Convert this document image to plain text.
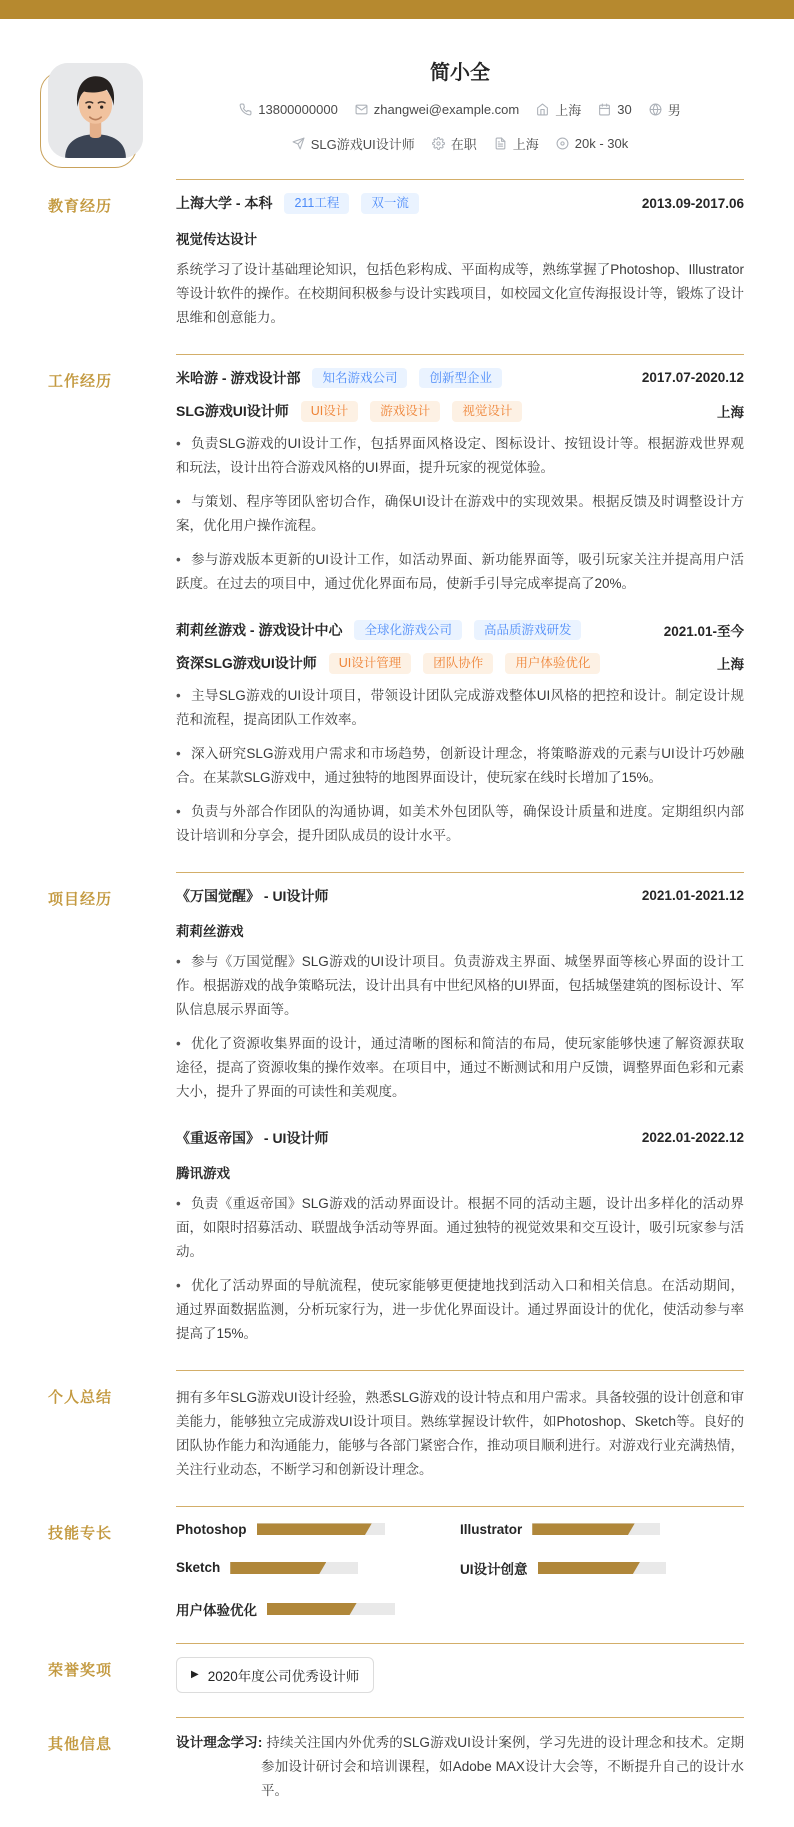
简小全
13800000000	zhangwei@example.com	上海	30	男
SLG游戏UI设计师	在职	上海	20k - 30k
教育经历	上海大学 - 本科	211工程	双一流	2013.09-2017.06
视觉传达设计

系统学习了设计基础理论知识，包括色彩构成、平面构成等，熟练掌握了Photoshop、Illustrator等设计软件的操作。在校期间积极参与设计实践项目，如校园文化宣传海报设计等，锻炼了设计思维和创意能力。

工作经历	米哈游 - 游戏设计部	知名游戏公司	创新型企业	2017.07-2020.12
SLG游戏UI设计师	UI设计	游戏设计	视觉设计	上海

• 负责SLG游戏的UI设计工作，包括界面风格设定、图标设计、按钮设计等。根据游戏世界观和玩法，设计出符合游戏风格的UI界面，提升玩家的视觉体验。

• 与策划、程序等团队密切合作，确保UI设计在游戏中的实现效果。根据反馈及时调整设计方案，优化用户操作流程。

• 参与游戏版本更新的UI设计工作，如活动界面、新功能界面等，吸引玩家关注并提高用户活跃度。在过去的项目中，通过优化界面布局，使新手引导完成率提高了20%。

莉莉丝游戏 - 游戏设计中心	全球化游戏公司	高品质游戏研发	2021.01-至今
资深SLG游戏UI设计师	UI设计管理	团队协作	用户体验优化	上海

• 主导SLG游戏的UI设计项目，带领设计团队完成游戏整体UI风格的把控和设计。制定设计规范和流程，提高团队工作效率。

• 深入研究SLG游戏用户需求和市场趋势，创新设计理念，将策略游戏的元素与UI设计巧妙融合。在某款SLG游戏中，通过独特的地图界面设计，使玩家在线时长增加了15%。

• 负责与外部合作团队的沟通协调，如美术外包团队等，确保设计质量和进度。定期组织内部设计培训和分享会，提升团队成员的设计水平。

项目经历	《万国觉醒》 - UI设计师	2021.01-2021.12
莉莉丝游戏

• 参与《万国觉醒》SLG游戏的UI设计项目。负责游戏主界面、城堡界面等核心界面的设计工作。根据游戏的战争策略玩法，设计出具有中世纪风格的UI界面，包括城堡建筑的图标设计、军队信息展示界面等。

• 优化了资源收集界面的设计，通过清晰的图标和简洁的布局，使玩家能够快速了解资源获取途径，提高了资源收集的操作效率。在项目中，通过不断测试和用户反馈，调整界面色彩和元素大小，提升了界面的可读性和美观度。

《重返帝国》 - UI设计师	2022.01-2022.12
腾讯游戏

• 负责《重返帝国》SLG游戏的活动界面设计。根据不同的活动主题，设计出多样化的活动界面，如限时招募活动、联盟战争活动等界面。通过独特的视觉效果和交互设计，吸引玩家参与活动。

• 优化了活动界面的导航流程，使玩家能够更便捷地找到活动入口和相关信息。在活动期间，通过界面数据监测，分析玩家行为，进一步优化界面设计。通过界面设计的优化，使活动参与率提高了15%。

个人总结	拥有多年SLG游戏UI设计经验，熟悉SLG游戏的设计特点和用户需求。具备较强的设计创意和审美能力，能够独立完成游戏UI设计项目。熟练掌握设计软件，如Photoshop、Sketch等。良好的团队协作能力和沟通能力，能够与各部门紧密合作，推动项目顺利进行。对游戏行业充满热情，关注行业动态，不断学习和创新设计理念。

技能专长	Photoshop	Illustrator
Sketch	UI设计创意
用户体验优化
荣誉奖项	▶ 2020年度公司优秀设计师
其他信息	设计理念学习: 持续关注国内外优秀的SLG游戏UI设计案例，学习先进的设计理念和技术。定期参加设计研讨会和培训课程，如Adobe MAX设计大会等，不断提升自己的设计水平。
